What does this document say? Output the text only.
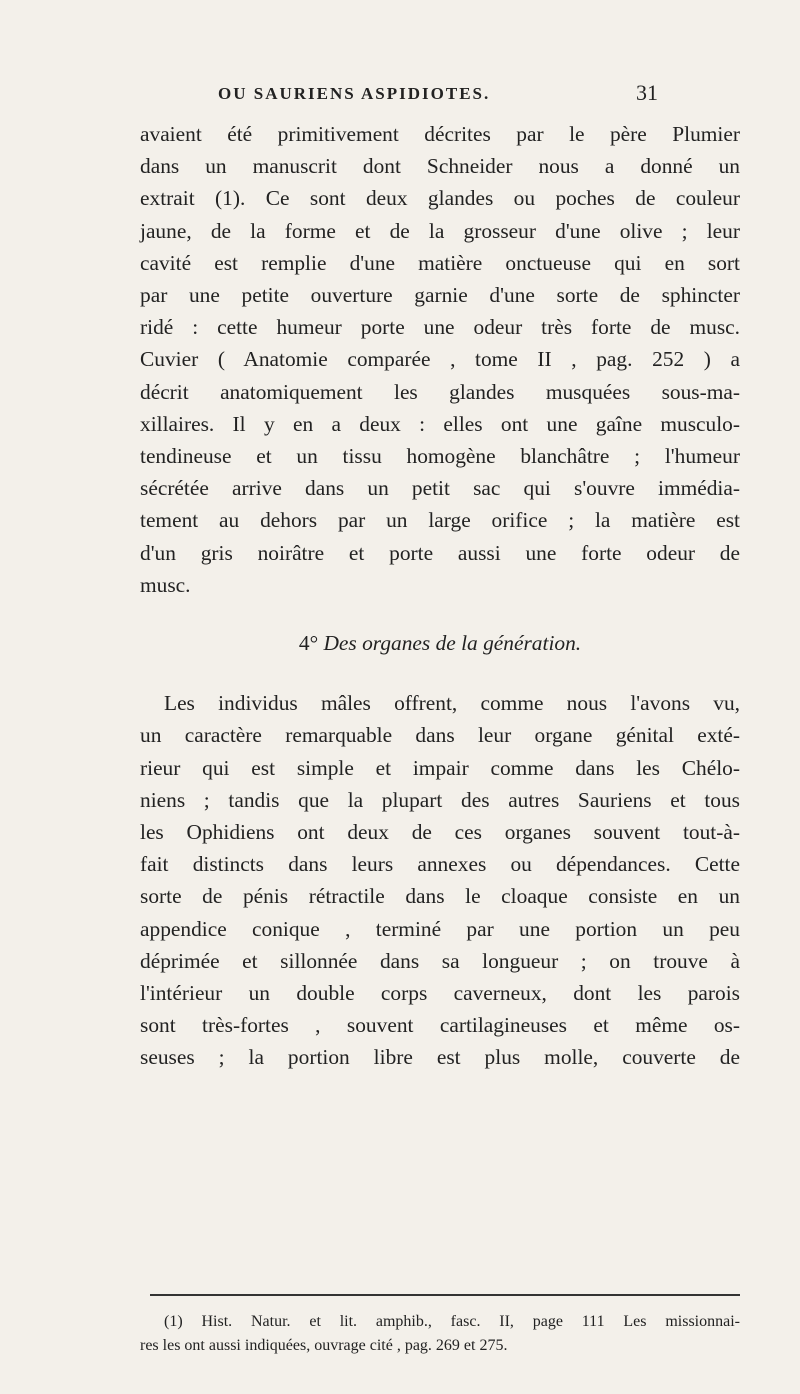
OU SAURIENS ASPIDIOTES.	31
avaient été primitivement décrites par le père Plumier
dans un manuscrit dont Schneider nous a donné un
extrait (1). Ce sont deux glandes ou poches de couleur
jaune, de la forme et de la grosseur d'une olive ; leur
cavité est remplie d'une matière onctueuse qui en sort
par une petite ouverture garnie d'une sorte de sphincter
ridé : cette humeur porte une odeur très forte de musc.
Cuvier ( Anatomie comparée , tome II , pag. 252 ) a
décrit anatomiquement les glandes musquées sous-ma-
xillaires. Il y en a deux : elles ont une gaîne musculo-
tendineuse et un tissu homogène blanchâtre ; l'humeur
sécrétée arrive dans un petit sac qui s'ouvre immédia-
tement au dehors par un large orifice ; la matière est
d'un gris noirâtre et porte aussi une forte odeur de
musc.
4° Des organes de la génération.
Les individus mâles offrent, comme nous l'avons vu,
un caractère remarquable dans leur organe génital exté-
rieur qui est simple et impair comme dans les Chélo-
niens ; tandis que la plupart des autres Sauriens et tous
les Ophidiens ont deux de ces organes souvent tout-à-
fait distincts dans leurs annexes ou dépendances. Cette
sorte de pénis rétractile dans le cloaque consiste en un
appendice conique , terminé par une portion un peu
déprimée et sillonnée dans sa longueur ; on trouve à
l'intérieur un double corps caverneux, dont les parois
sont très-fortes , souvent cartilagineuses et même os-
seuses ; la portion libre est plus molle, couverte de
(1) Hist. Natur. et lit. amphib., fasc. II, page 111 Les missionnai-
res les ont aussi indiquées, ouvrage cité , pag. 269 et 275.
